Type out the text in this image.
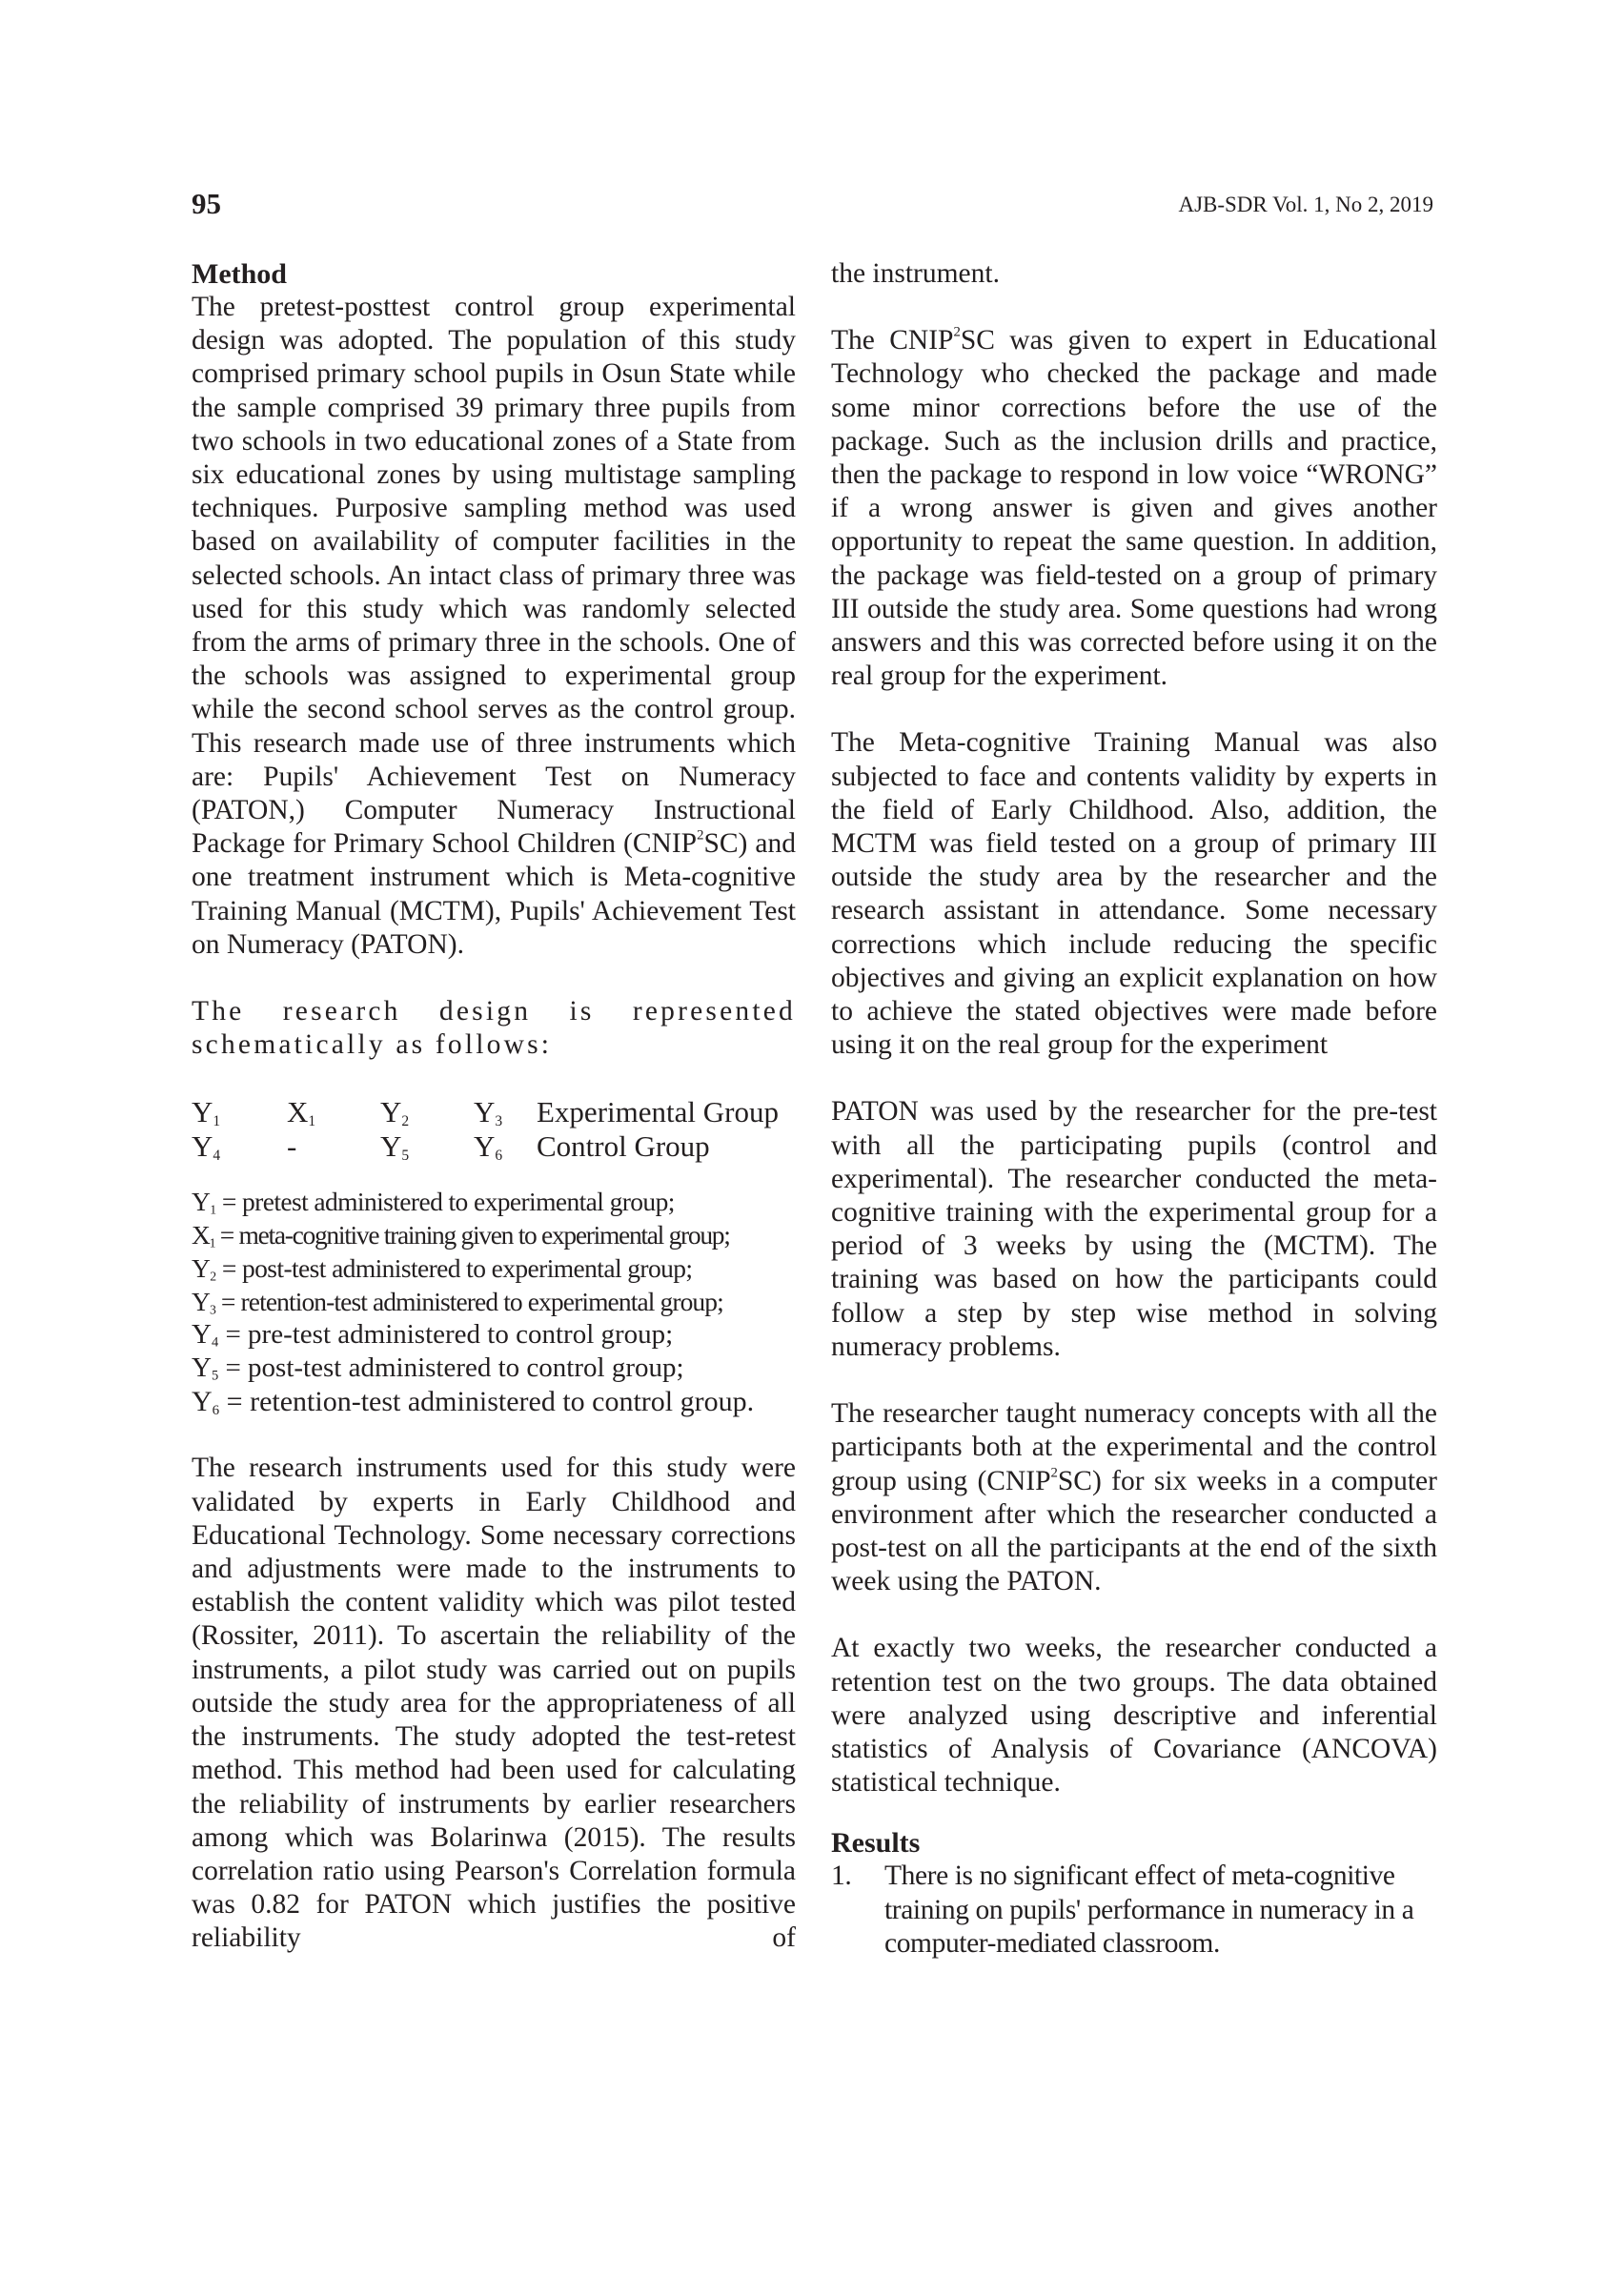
95	AJB-SDR Vol. 1, No 2, 2019
Method

The pretest-posttest control group experimental design was adopted. The population of this study comprised primary school pupils in Osun State while the sample comprised 39 primary three pupils from two schools in two educational zones of a State from six educational zones by using multistage sampling techniques. Purposive sampling method was used based on availability of computer facilities in the selected schools. An intact class of primary three was used for this study which was randomly selected from the arms of primary three in the schools. One of the schools was assigned to experimental group while the second school serves as the control group. This research made use of three instruments which are: Pupils' Achievement Test on Numeracy (PATON,) Computer Numeracy Instructional Package for Primary School Children (CNIP$^2$SC) and one treatment instrument which is Meta-cognitive Training Manual (MCTM), Pupils' Achievement Test on Numeracy (PATON).

The research design is represented schematically as follows:

$Y_1$	$X_1$	$Y_2$	$Y_3$	Experimental Group
$Y_4$	-	$Y_5$	$Y_6$	Control Group
$Y_1$ = pretest administered to experimental group;
$X_1$ = meta-cognitive training given to experimental group;
$Y_2$ = post-test administered to experimental group;
$Y_3$ = retention-test administered to experimental group;
$Y_4$ = pre-test administered to control group;
$Y_5$ = post-test administered to control group;
$Y_6$ = retention-test administered to control group.

The research instruments used for this study were validated by experts in Early Childhood and Educational Technology. Some necessary corrections and adjustments were made to the instruments to establish the content validity which was pilot tested (Rossiter, 2011). To ascertain the reliability of the instruments, a pilot study was carried out on pupils outside the study area for the appropriateness of all the instruments. The study adopted the test-retest method. This method had been used for calculating the reliability of instruments by earlier researchers among which was Bolarinwa (2015). The results correlation ratio using Pearson's Correlation formula was 0.82 for PATON which justifies the positive reliability of

the instrument.

The CNIP$^2$SC was given to expert in Educational Technology who checked the package and made some minor corrections before the use of the package. Such as the inclusion drills and practice, then the package to respond in low voice “WRONG” if a wrong answer is given and gives another opportunity to repeat the same question. In addition, the package was field-tested on a group of primary III outside the study area. Some questions had wrong answers and this was corrected before using it on the real group for the experiment.

The Meta-cognitive Training Manual was also subjected to face and contents validity by experts in the field of Early Childhood. Also, addition, the MCTM was field tested on a group of primary III outside the study area by the researcher and the research assistant in attendance. Some necessary corrections which include reducing the specific objectives and giving an explicit explanation on how to achieve the stated objectives were made before using it on the real group for the experiment

PATON was used by the researcher for the pre-test with all the participating pupils (control and experimental). The researcher conducted the meta-cognitive training with the experimental group for a period of 3 weeks by using the (MCTM). The training was based on how the participants could follow a step by step wise method in solving numeracy problems.

The researcher taught numeracy concepts with all the participants both at the experimental and the control group using (CNIP$^2$SC) for six weeks in a computer environment after which the researcher conducted a post-test on all the participants at the end of the sixth week using the PATON.

At exactly two weeks, the researcher conducted a retention test on the two groups. The data obtained were analyzed using descriptive and inferential statistics of Analysis of Covariance (ANCOVA) statistical technique.

Results
1.	There is no significant effect of meta-cognitive training on pupils' performance in numeracy in a computer-mediated classroom.
